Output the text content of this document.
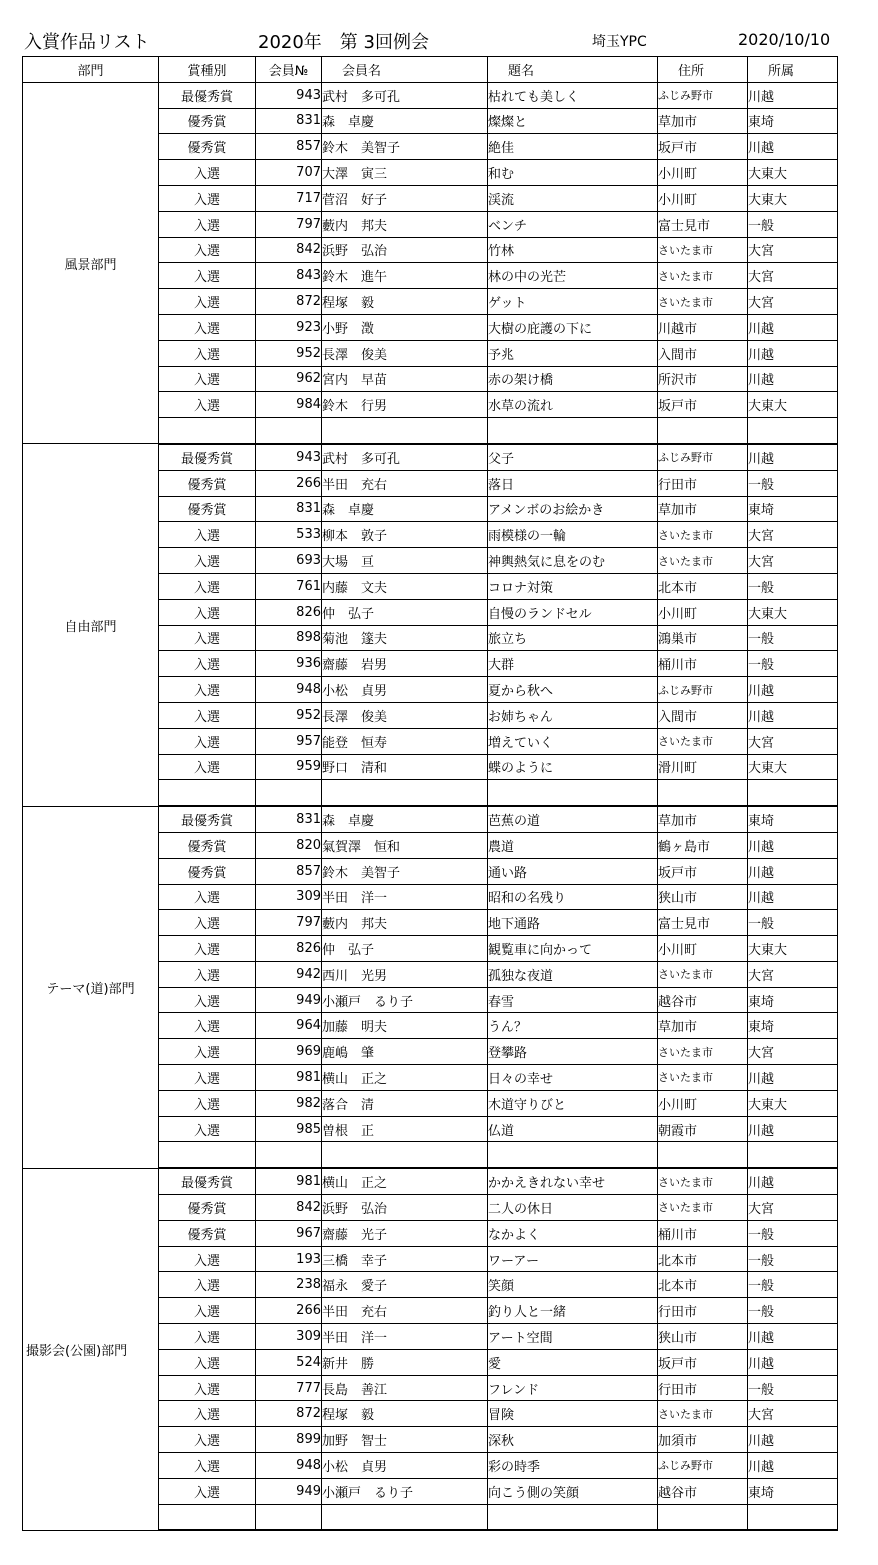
入賞作品リスト	2020年　第 3回例会	埼玉YPC	2020/10/10
部門	賞種別	会員№	会員名	題名	住所	所属
風景部門	最優秀賞	943	武村　多可孔	枯れても美しく	ふじみ野市	川越
	優秀賞	831	森　卓慶	燦燦と	草加市	東埼
	優秀賞	857	鈴木　美智子	絶佳	坂戸市	川越
	入選	707	大澤　寅三	和む	小川町	大東大
	入選	717	菅沼　好子	渓流	小川町	大東大
	入選	797	藪内　邦夫	ベンチ	富士見市	一般
	入選	842	浜野　弘治	竹林	さいたま市	大宮
	入選	843	鈴木　進午	林の中の光芒	さいたま市	大宮
	入選	872	程塚　毅	ゲット	さいたま市	大宮
	入選	923	小野　澂	大樹の庇護の下に	川越市	川越
	入選	952	長澤　俊美	予兆	入間市	川越
	入選	962	宮内　早苗	赤の架け橋	所沢市	川越
	入選	984	鈴木　行男	水草の流れ	坂戸市	大東大

自由部門	最優秀賞	943	武村　多可孔	父子	ふじみ野市	川越
	優秀賞	266	半田　充右	落日	行田市	一般
	優秀賞	831	森　卓慶	アメンボのお絵かき	草加市	東埼
	入選	533	柳本　敦子	雨模様の一輪	さいたま市	大宮
	入選	693	大場　亘	神輿熱気に息をのむ	さいたま市	大宮
	入選	761	内藤　文夫	コロナ対策	北本市	一般
	入選	826	仲　弘子	自慢のランドセル	小川町	大東大
	入選	898	菊池　篴夫	旅立ち	鴻巣市	一般
	入選	936	齋藤　岩男	大群	桶川市	一般
	入選	948	小松　貞男	夏から秋へ	ふじみ野市	川越
	入選	952	長澤　俊美	お姉ちゃん	入間市	川越
	入選	957	能登　恒寿	増えていく	さいたま市	大宮
	入選	959	野口　清和	蝶のように	滑川町	大東大

テーマ(道)部門	最優秀賞	831	森　卓慶	芭蕉の道	草加市	東埼
	優秀賞	820	氣賀澤　恒和	農道	鶴ヶ島市	川越
	優秀賞	857	鈴木　美智子	通い路	坂戸市	川越
	入選	309	半田　洋一	昭和の名残り	狭山市	川越
	入選	797	藪内　邦夫	地下通路	富士見市	一般
	入選	826	仲　弘子	観覧車に向かって	小川町	大東大
	入選	942	西川　光男	孤独な夜道	さいたま市	大宮
	入選	949	小瀬戸　るり子	春雪	越谷市	東埼
	入選	964	加藤　明夫	うん？	草加市	東埼
	入選	969	鹿嶋　肇	登攀路	さいたま市	大宮
	入選	981	横山　正之	日々の幸せ	さいたま市	川越
	入選	982	落合　清	木道守りびと	小川町	大東大
	入選	985	曽根　正	仏道	朝霞市	川越

撮影会(公園)部門	最優秀賞	981	横山　正之	かかえきれない幸せ	さいたま市	川越
	優秀賞	842	浜野　弘治	二人の休日	さいたま市	大宮
	優秀賞	967	齋藤　光子	なかよく	桶川市	一般
	入選	193	三橋　幸子	ワーアー	北本市	一般
	入選	238	福永　愛子	笑顔	北本市	一般
	入選	266	半田　充右	釣り人と一緒	行田市	一般
	入選	309	半田　洋一	アート空間	狭山市	川越
	入選	524	新井　勝	愛	坂戸市	川越
	入選	777	長島　善江	フレンド	行田市	一般
	入選	872	程塚　毅	冒険	さいたま市	大宮
	入選	899	加野　智士	深秋	加須市	川越
	入選	948	小松　貞男	彩の時季	ふじみ野市	川越
	入選	949	小瀬戸　るり子	向こう側の笑顔	越谷市	東埼
